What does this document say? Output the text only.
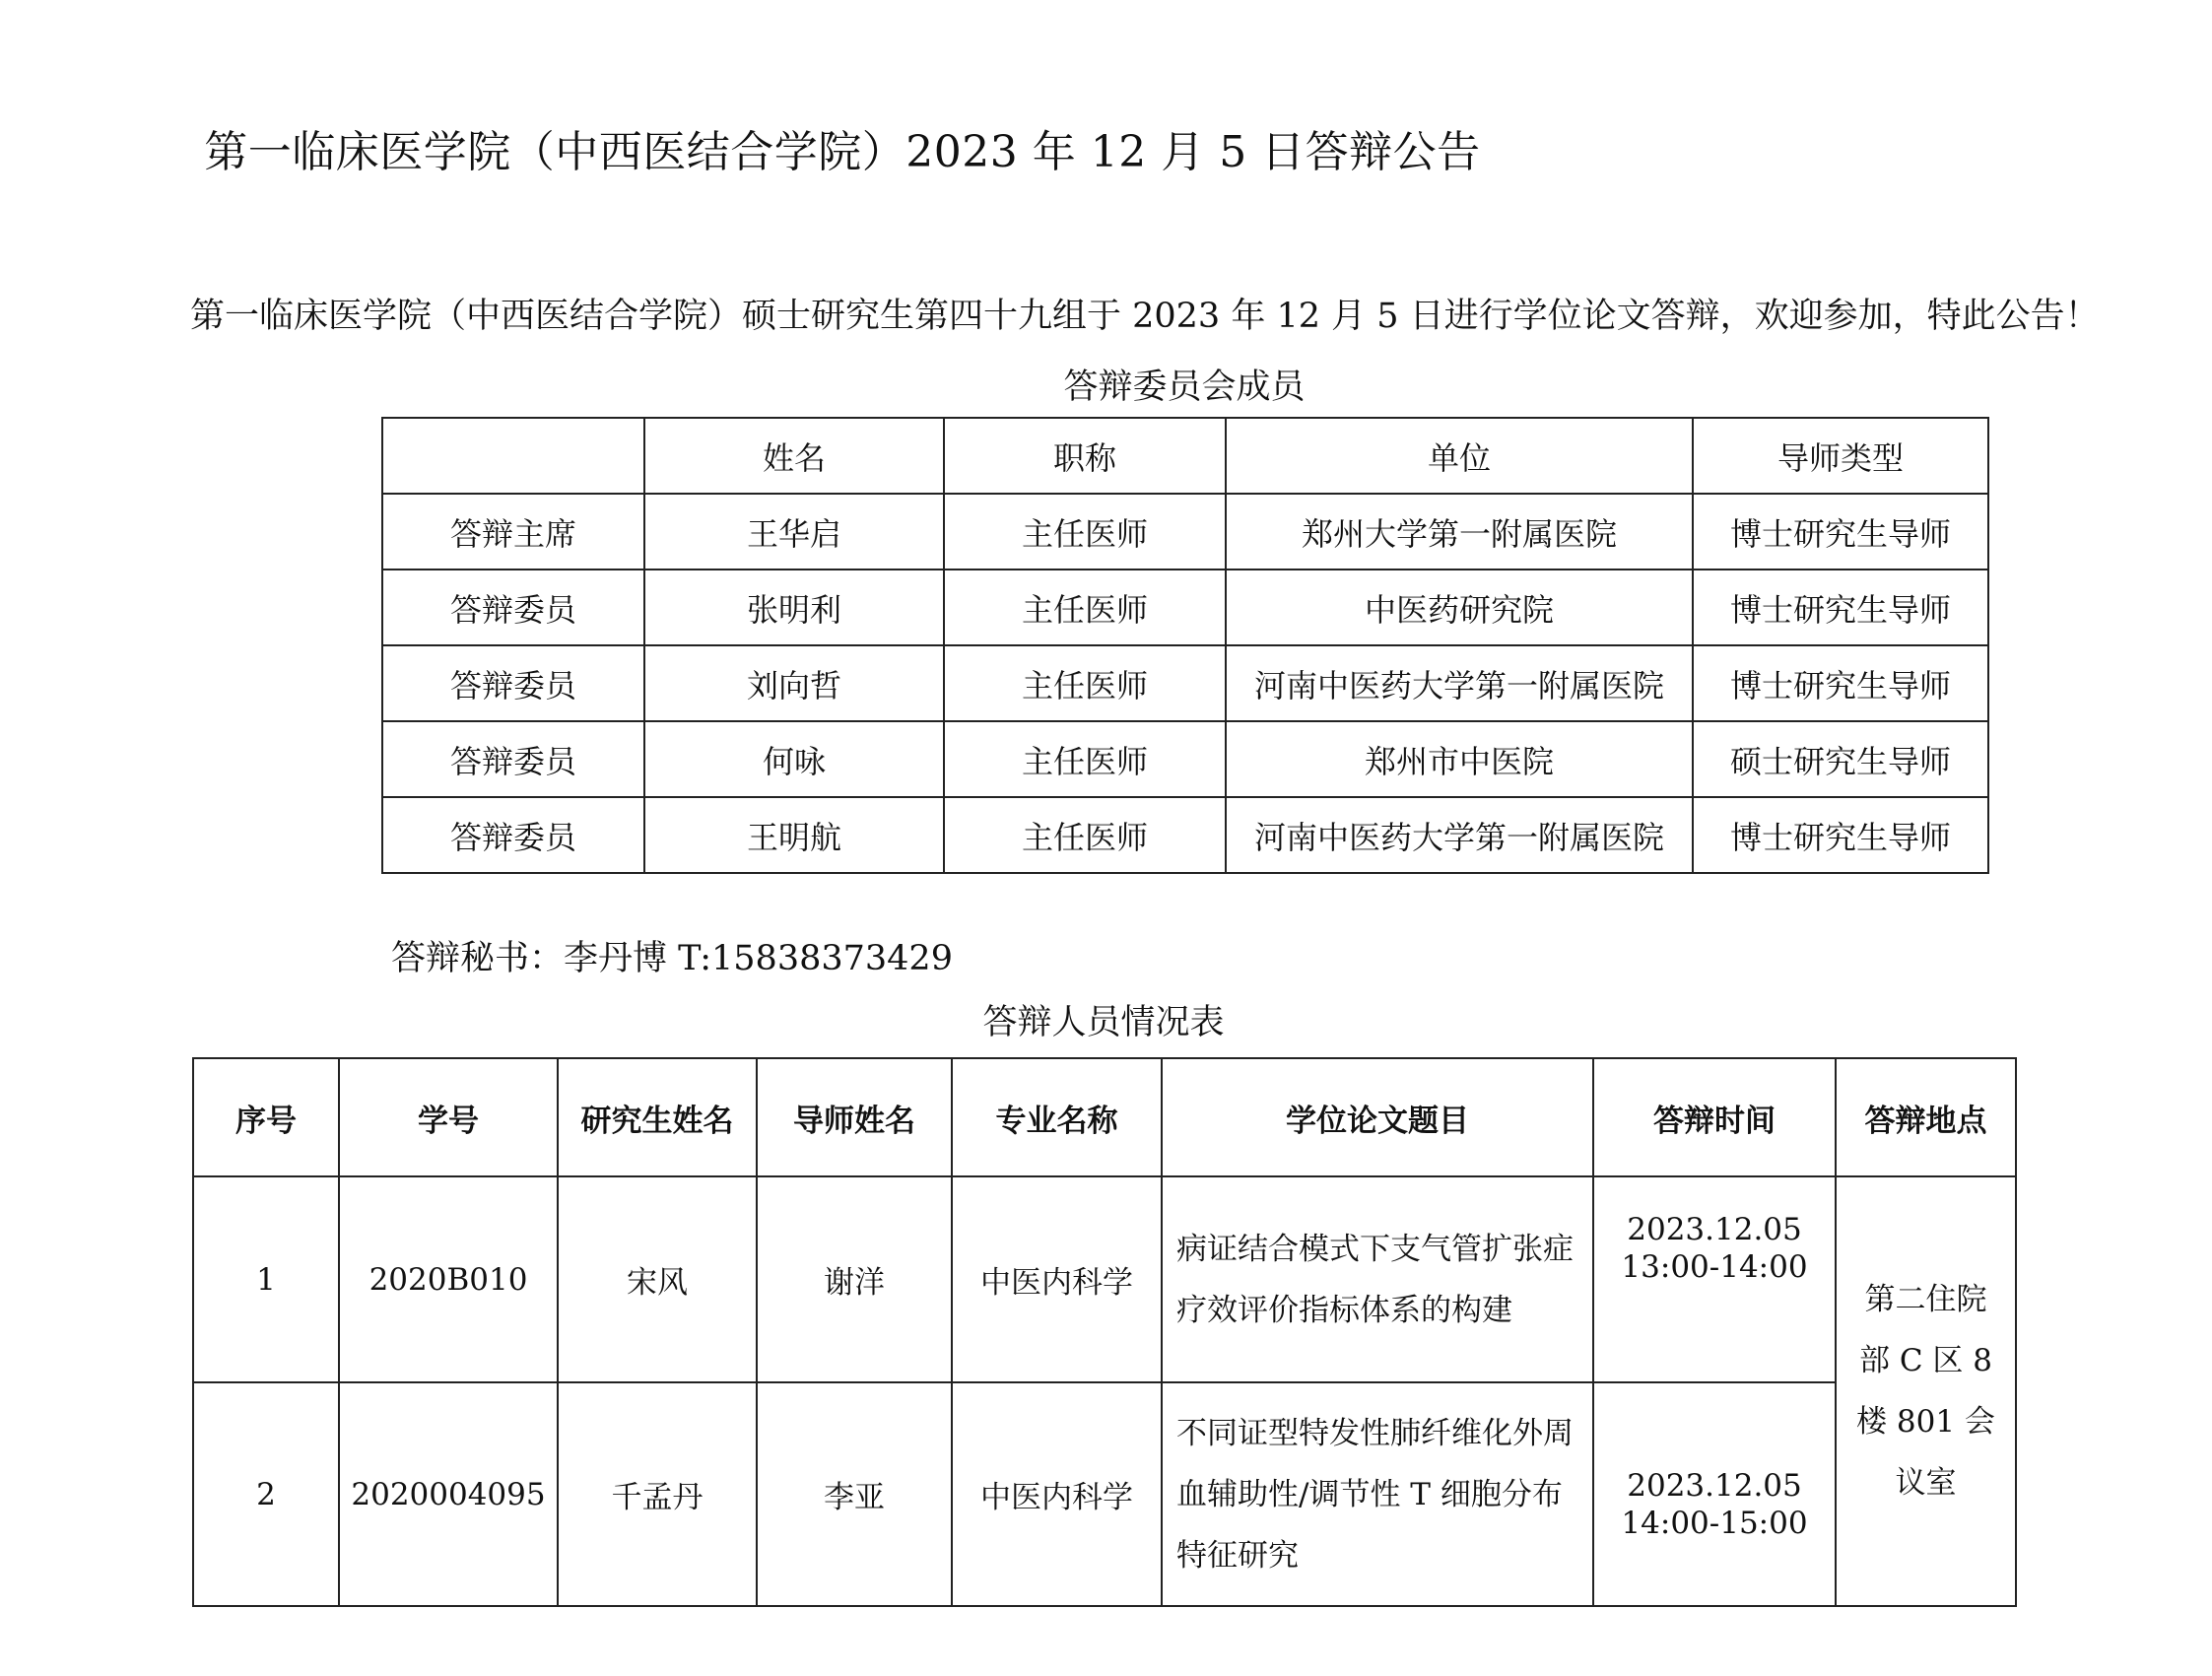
第一临床医学院（中西医结合学院）2023 年 12 月 5 日答辩公告
第一临床医学院（中西医结合学院）硕士研究生第四十九组于 2023 年 12 月 5 日进行学位论文答辩，欢迎参加，特此公告！
答辩委员会成员
	姓名	职称	单位	导师类型
答辩主席	王华启	主任医师	郑州大学第一附属医院	博士研究生导师
答辩委员	张明利	主任医师	中医药研究院	博士研究生导师
答辩委员	刘向哲	主任医师	河南中医药大学第一附属医院	博士研究生导师
答辩委员	何咏	主任医师	郑州市中医院	硕士研究生导师
答辩委员	王明航	主任医师	河南中医药大学第一附属医院	博士研究生导师
答辩秘书：李丹博 T:15838373429
答辩人员情况表
序号	学号	研究生姓名	导师姓名	专业名称	学位论文题目	答辩时间	答辩地点
1	2020B010	宋风	谢洋	中医内科学	病证结合模式下支气管扩张症疗效评价指标体系的构建	2023.12.05
13:00-14:00	第二住院部 C 区 8 楼 801 会议室
2	2020004095	千孟丹	李亚	中医内科学	不同证型特发性肺纤维化外周血辅助性/调节性 T 细胞分布特征研究	2023.12.05
14:00-15:00	
